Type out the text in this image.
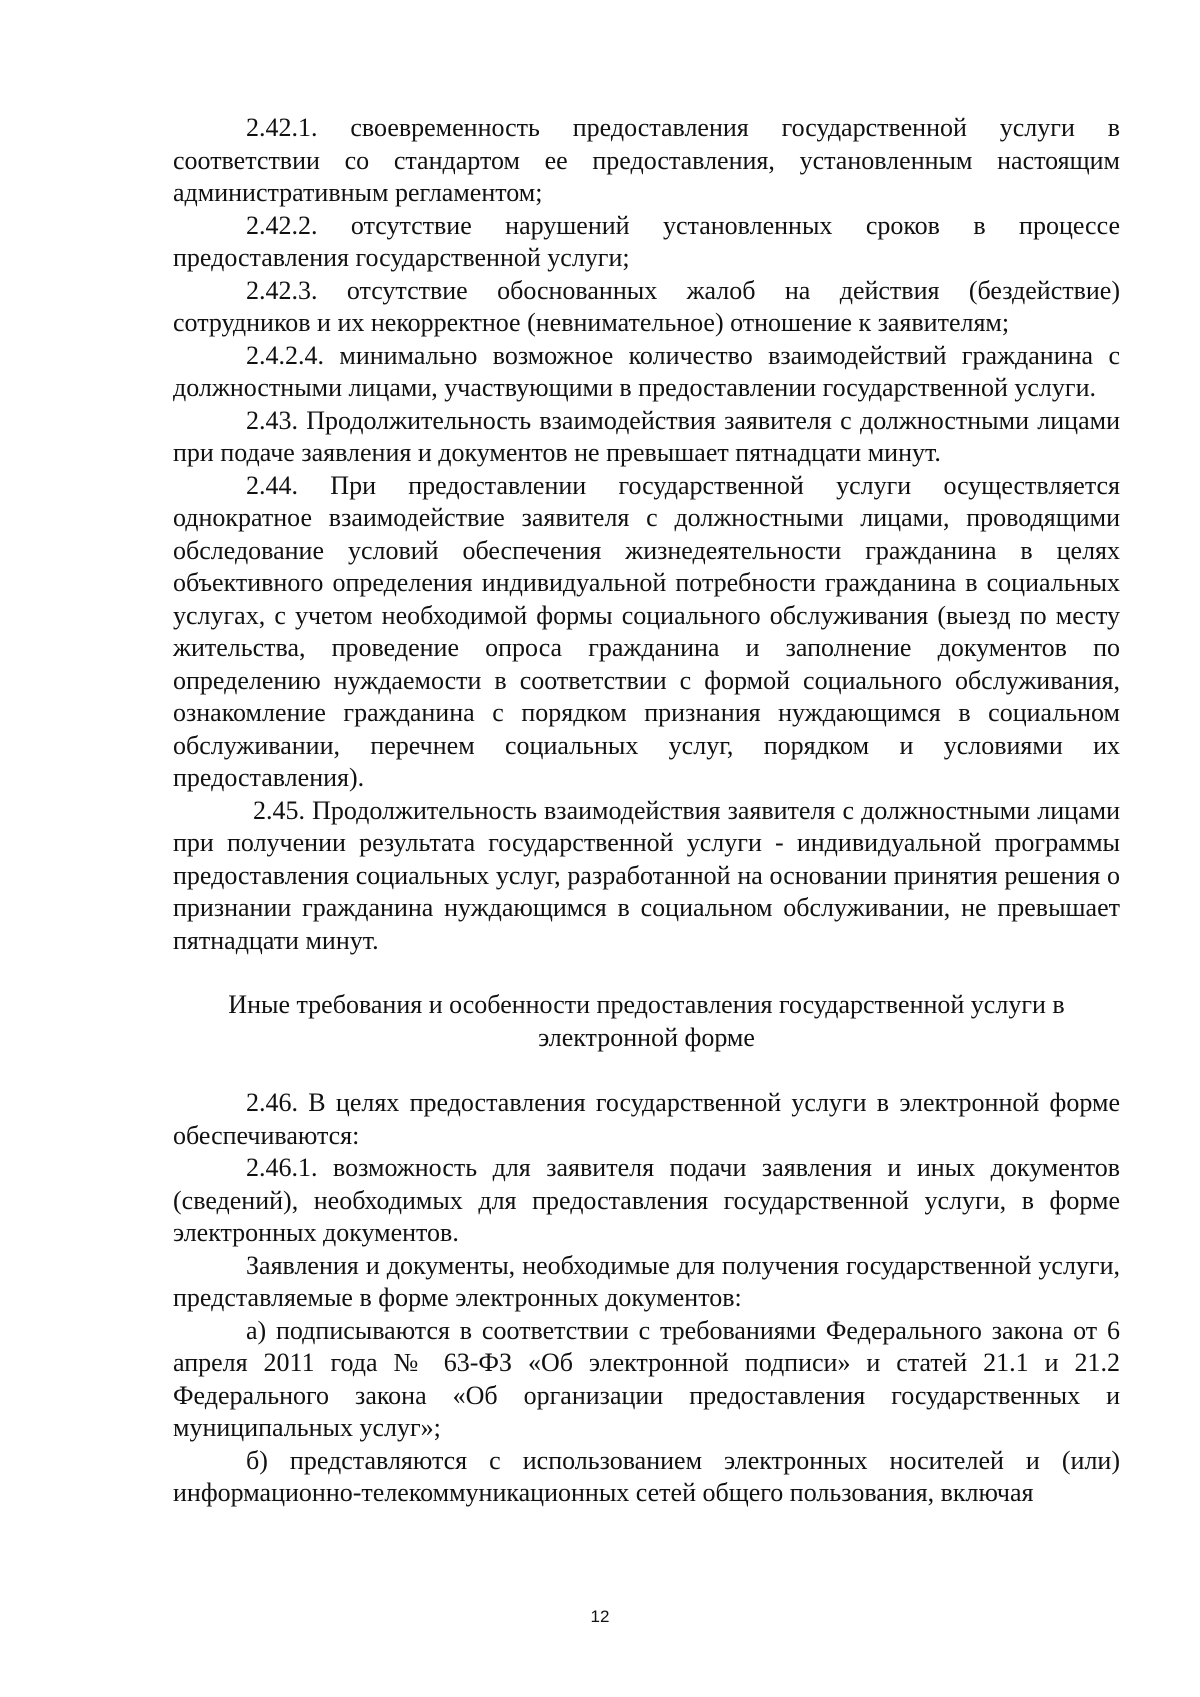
2.42.1. своевременность предоставления государственной услуги в соответствии со стандартом ее предоставления, установленным настоящим административным регламентом;

2.42.2. отсутствие нарушений установленных сроков в процессе предоставления государственной услуги;

2.42.3. отсутствие обоснованных жалоб на действия (бездействие) сотрудников и их некорректное (невнимательное) отношение к заявителям;

2.4.2.4. минимально возможное количество взаимодействий гражданина с должностными лицами, участвующими в предоставлении государственной услуги.

2.43. Продолжительность взаимодействия заявителя с должностными лицами при подаче заявления и документов не превышает пятнадцати минут.

2.44. При предоставлении государственной услуги осуществляется однократное взаимодействие заявителя с должностными лицами, проводящими обследование условий обеспечения жизнедеятельности гражданина в целях объективного определения индивидуальной потребности гражданина в социальных услугах, с учетом необходимой формы социального обслуживания (выезд по месту жительства, проведение опроса гражданина и заполнение документов по определению нуждаемости в соответствии с формой социального обслуживания, ознакомление гражданина с порядком признания нуждающимся в социальном обслуживании, перечнем социальных услуг, порядком и условиями их предоставления).

2.45. Продолжительность взаимодействия заявителя с должностными лицами при получении результата государственной услуги - индивидуальной программы предоставления социальных услуг, разработанной на основании принятия решения о признании гражданина нуждающимся в социальном обслуживании, не превышает пятнадцати минут.

Иные требования и особенности предоставления государственной услуги в электронной форме

2.46. В целях предоставления государственной услуги в электронной форме обеспечиваются:

2.46.1. возможность для заявителя подачи заявления и иных документов (сведений), необходимых для предоставления государственной услуги, в форме электронных документов.

Заявления и документы, необходимые для получения государственной услуги, представляемые в форме электронных документов:

а) подписываются в соответствии с требованиями Федерального закона от 6 апреля 2011 года № 63-ФЗ «Об электронной подписи» и статей 21.1 и 21.2 Федерального закона «Об организации предоставления государственных и муниципальных услуг»;

б) представляются с использованием электронных носителей и (или) информационно-телекоммуникационных сетей общего пользования, включая

12
